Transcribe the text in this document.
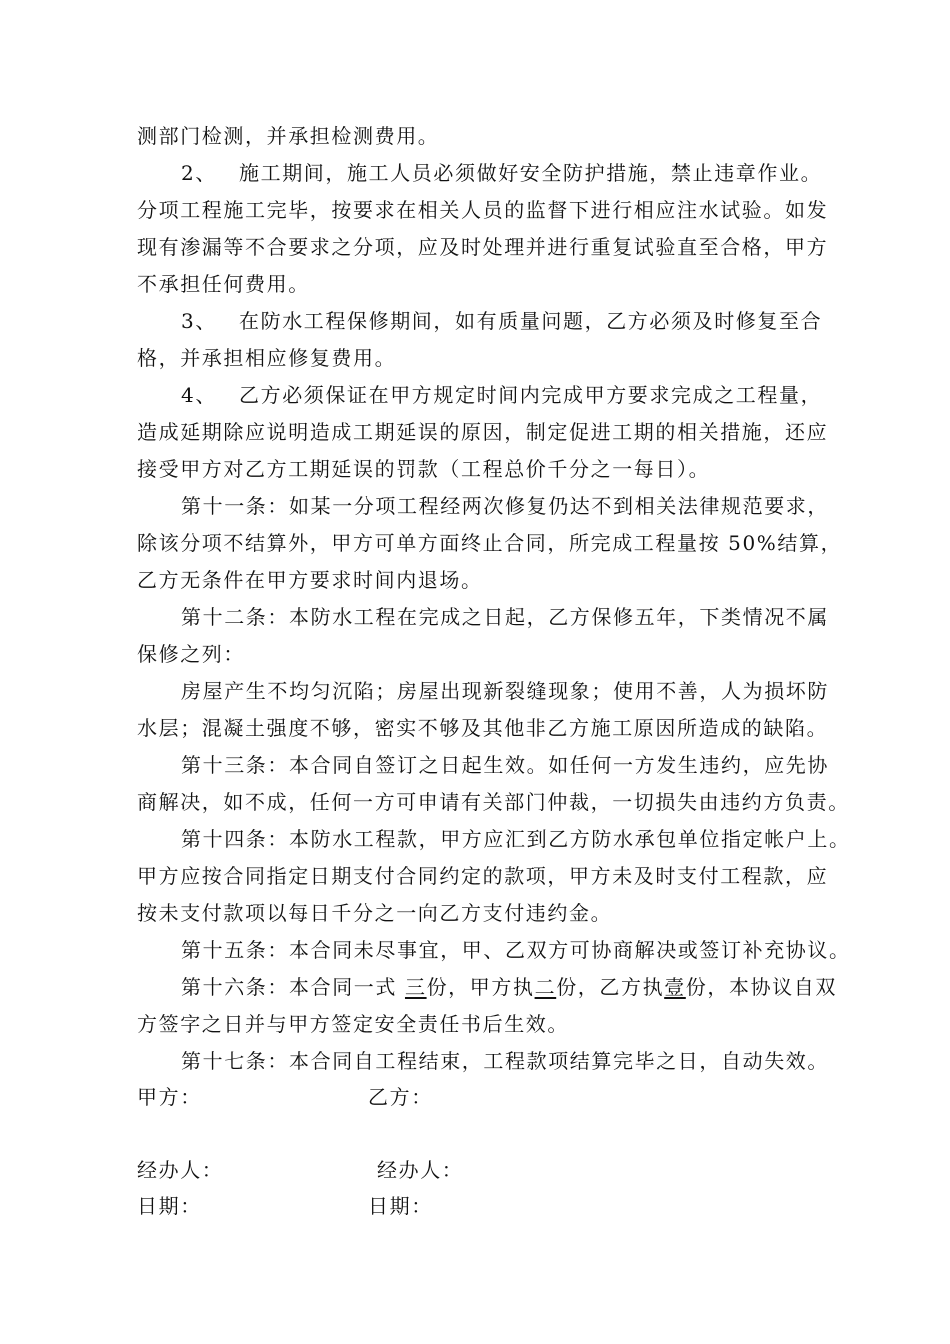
测部门检测，并承担检测费用。
2、 施工期间，施工人员必须做好安全防护措施，禁止违章作业。
分项工程施工完毕，按要求在相关人员的监督下进行相应注水试验。如发
现有渗漏等不合要求之分项，应及时处理并进行重复试验直至合格，甲方
不承担任何费用。
3、 在防水工程保修期间，如有质量问题，乙方必须及时修复至合
格，并承担相应修复费用。
4、 乙方必须保证在甲方规定时间内完成甲方要求完成之工程量，
造成延期除应说明造成工期延误的原因，制定促进工期的相关措施，还应
接受甲方对乙方工期延误的罚款（工程总价千分之一每日）。
第十一条：如某一分项工程经两次修复仍达不到相关法律规范要求，
除该分项不结算外，甲方可单方面终止合同，所完成工程量按 50%结算，
乙方无条件在甲方要求时间内退场。
第十二条：本防水工程在完成之日起，乙方保修五年，下类情况不属
保修之列：
房屋产生不均匀沉陷；房屋出现新裂缝现象；使用不善，人为损坏防
水层；混凝土强度不够，密实不够及其他非乙方施工原因所造成的缺陷。
第十三条：本合同自签订之日起生效。如任何一方发生违约，应先协
商解决，如不成，任何一方可申请有关部门仲裁，一切损失由违约方负责。
第十四条：本防水工程款，甲方应汇到乙方防水承包单位指定帐户上。
甲方应按合同指定日期支付合同约定的款项，甲方未及时支付工程款，应
按未支付款项以每日千分之一向乙方支付违约金。
第十五条：本合同未尽事宜，甲、乙双方可协商解决或签订补充协议。
第十六条：本合同一式 三份，甲方执二份，乙方执壹份，本协议自双
方签字之日并与甲方签定安全责任书后生效。
第十七条：本合同自工程结束，工程款项结算完毕之日，自动失效。
甲方：	乙方：
经办人：	经办人：
日期：	日期：
